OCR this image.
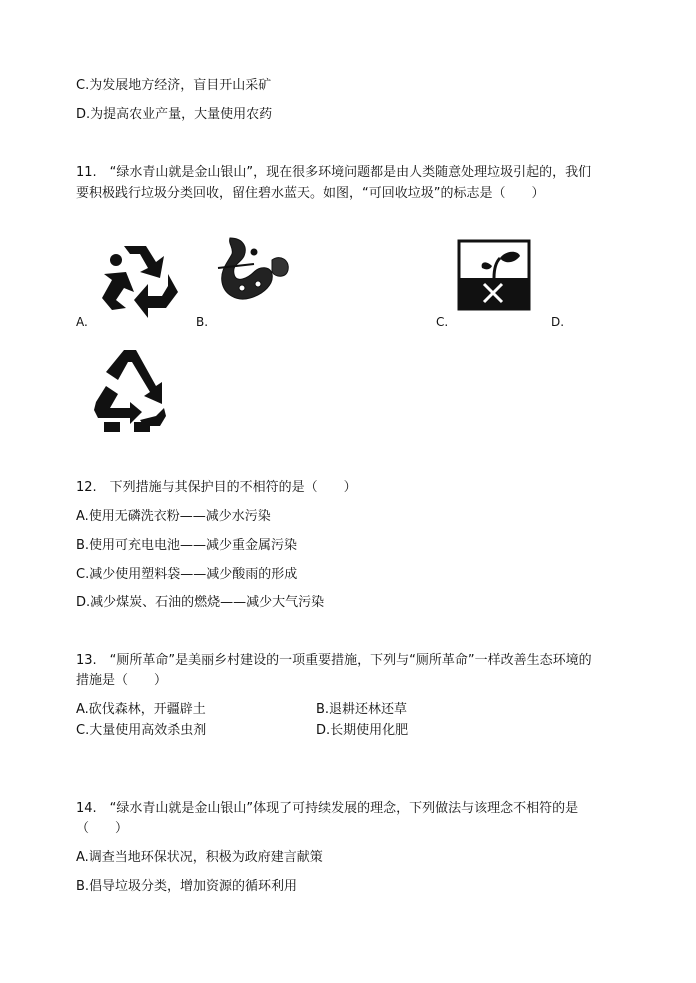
C.为发展地方经济，盲目开山采矿
D.为提高农业产量，大量使用农药
11.　“绿水青山就是金山银山”，现在很多环境问题都是由人类随意处理垃圾引起的，我们
要积极践行垃圾分类回收，留住碧水蓝天。如图，“可回收垃圾”的标志是（　　）
A.	B.	C.	D.
12.　下列措施与其保护目的不相符的是（　　）
A.使用无磷洗衣粉——减少水污染
B.使用可充电电池——减少重金属污染
C.减少使用塑料袋——减少酸雨的形成
D.减少煤炭、石油的燃烧——减少大气污染
13.　“厕所革命”是美丽乡村建设的一项重要措施，下列与“厕所革命”一样改善生态环境的
措施是（　　）
A.砍伐森林，开疆辟土	B.退耕还林还草
C.大量使用高效杀虫剂	D.长期使用化肥
14.　“绿水青山就是金山银山”体现了可持续发展的理念，下列做法与该理念不相符的是
（　　）
A.调查当地环保状况，积极为政府建言献策
B.倡导垃圾分类，增加资源的循环利用
